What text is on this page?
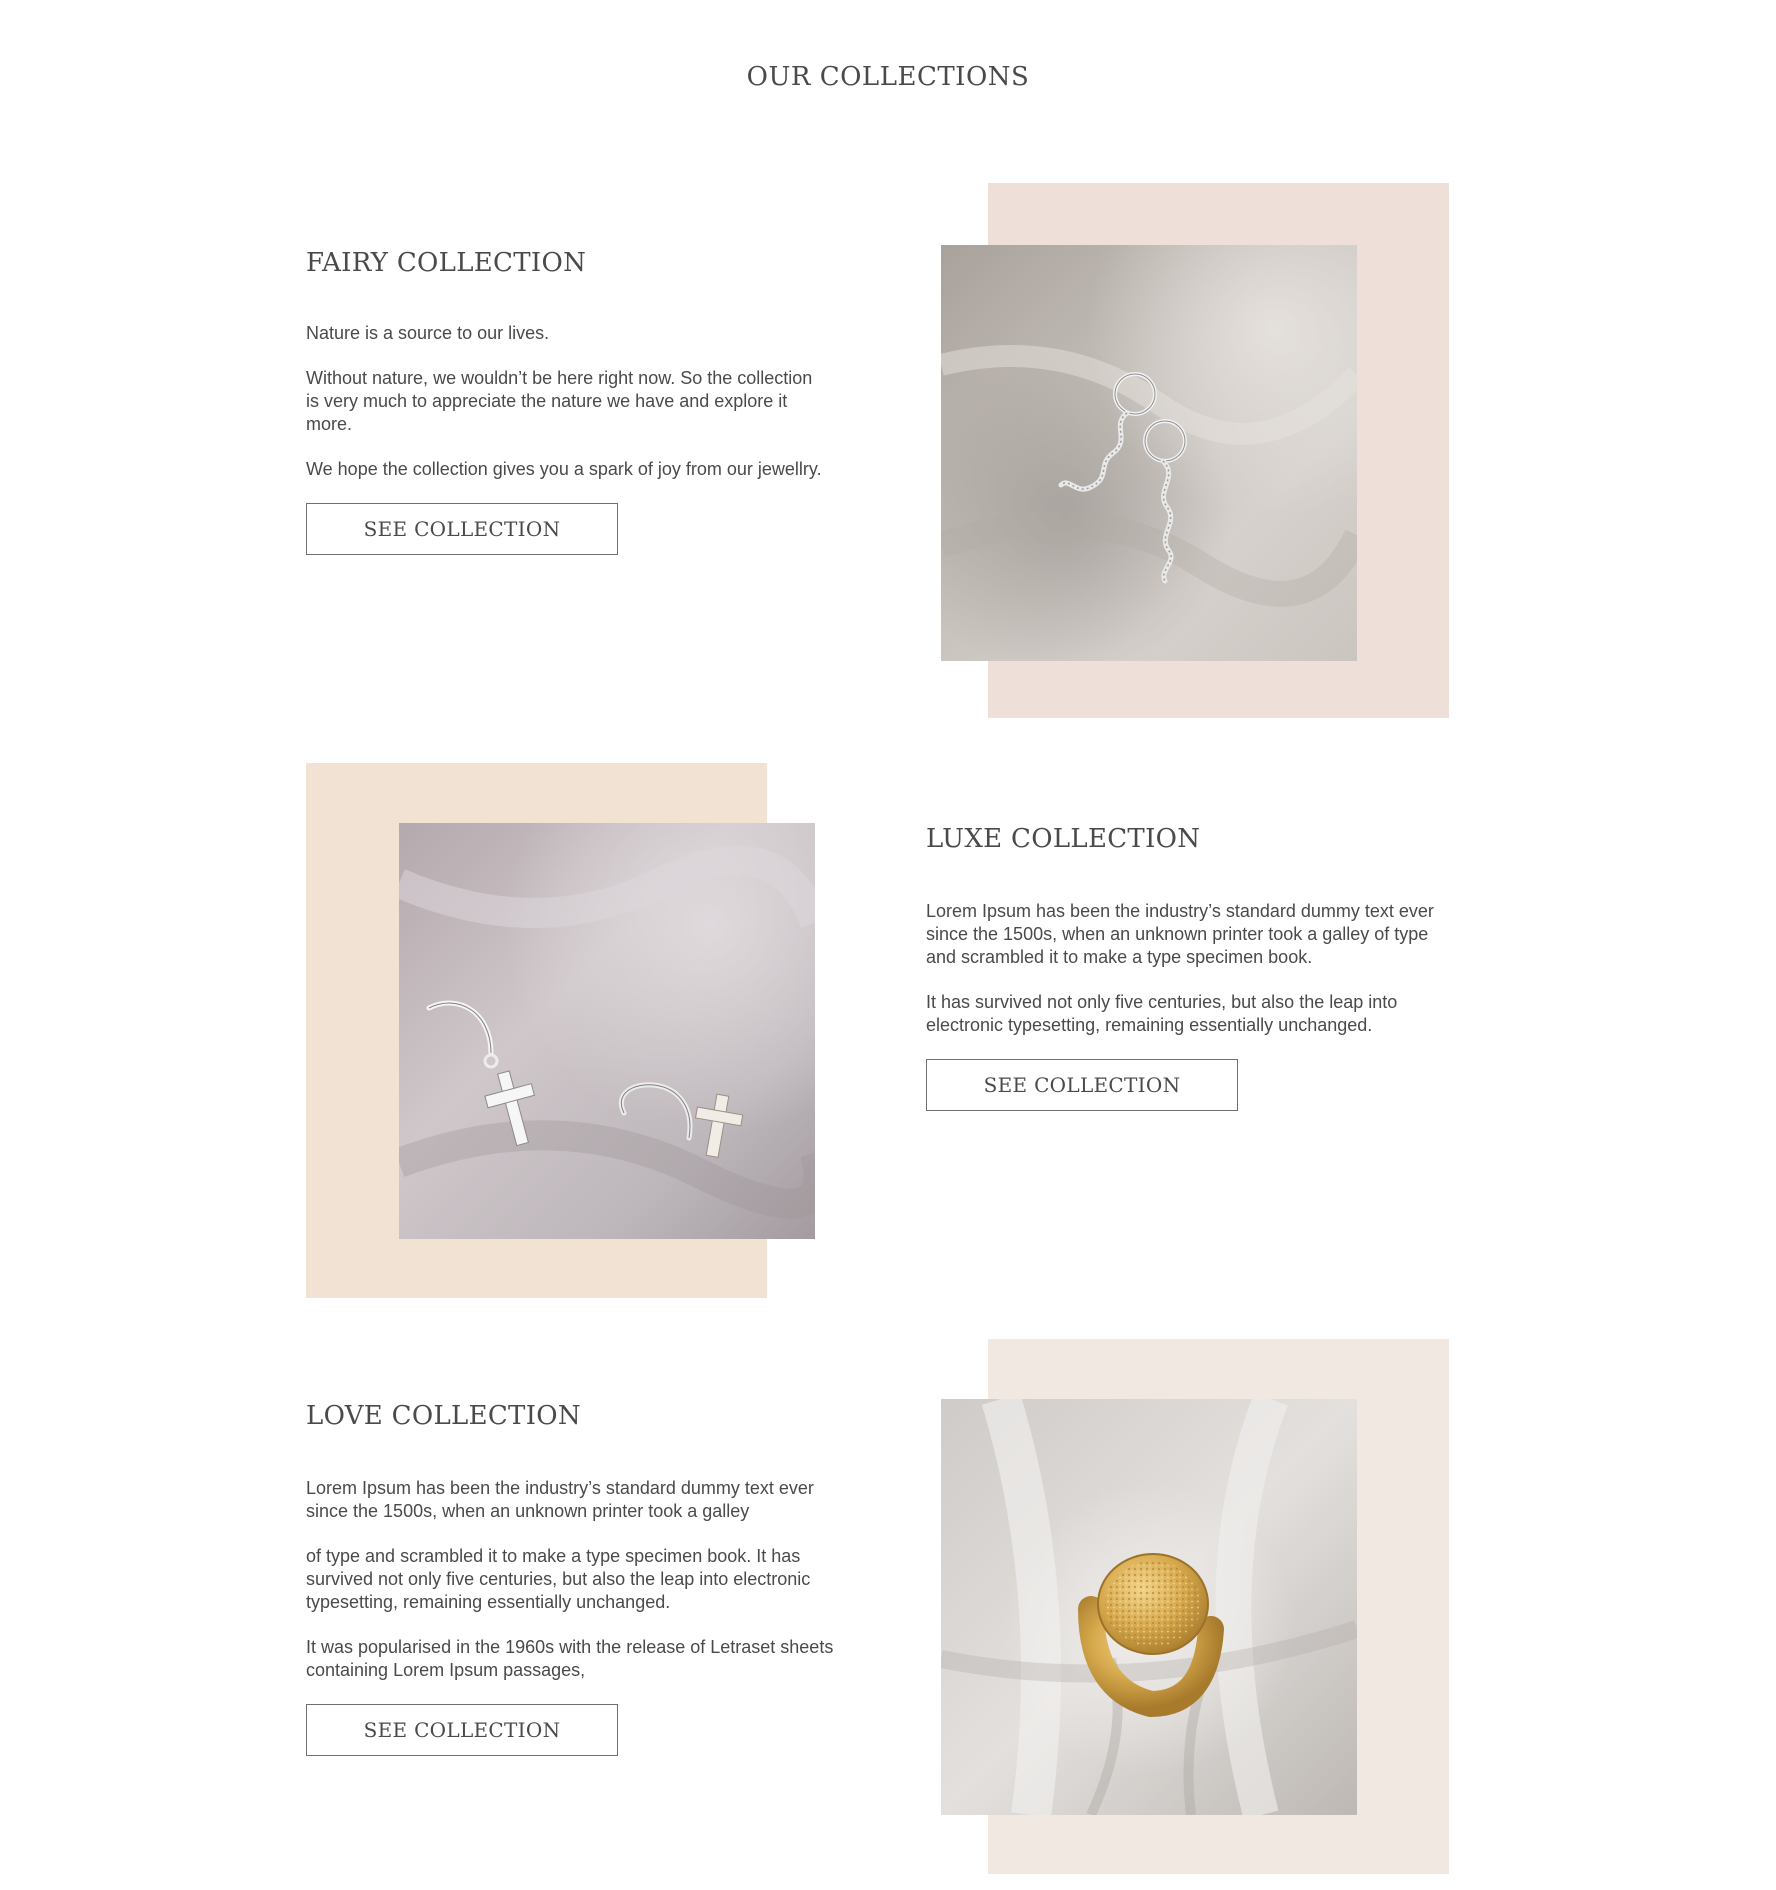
OUR COLLECTIONS
FAIRY COLLECTION

Nature is a source to our lives.

Without nature, we wouldn’t be here right now. So the collection is very much to appreciate the nature we have and explore it more.

We hope the collection gives you a spark of joy from our jewellry.

SEE COLLECTION
LUXE COLLECTION

Lorem Ipsum has been the industry’s standard dummy text ever since the 1500s, when an unknown printer took a galley of type and scrambled it to make a type specimen book.

It has survived not only five centuries, but also the leap into electronic typesetting, remaining essentially unchanged.

SEE COLLECTION
LOVE COLLECTION

Lorem Ipsum has been the industry’s standard dummy text ever since the 1500s, when an unknown printer took a galley

of type and scrambled it to make a type specimen book. It has survived not only five centuries, but also the leap into electronic typesetting, remaining essentially unchanged.

It was popularised in the 1960s with the release of Letraset sheets containing Lorem Ipsum passages,

SEE COLLECTION
